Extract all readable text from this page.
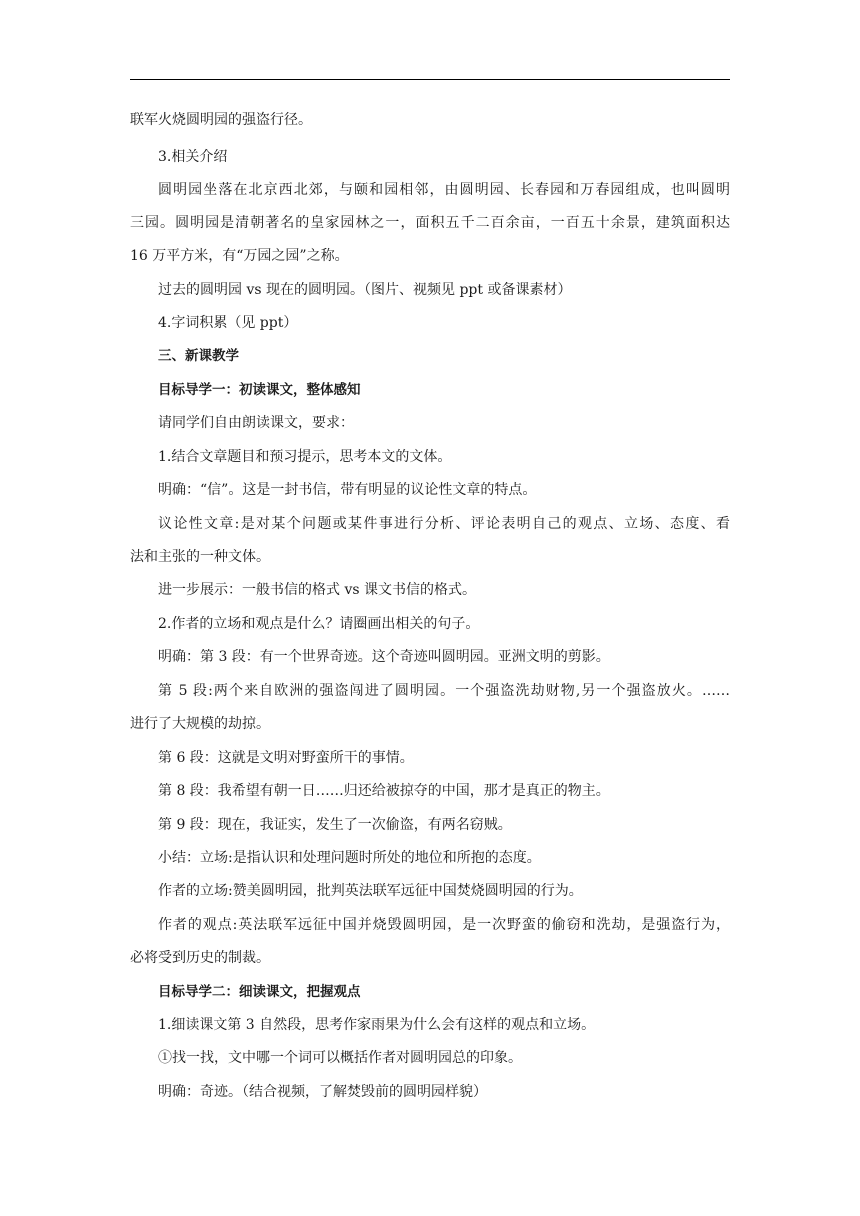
联军火烧圆明园的强盗行径。
3.相关介绍
圆明园坐落在北京西北郊，与颐和园相邻，由圆明园、长春园和万春园组成，也叫圆明
三园。圆明园是清朝著名的皇家园林之一，面积五千二百余亩，一百五十余景，建筑面积达
16 万平方米，有“万园之园”之称。
过去的圆明园 vs 现在的圆明园。（图片、视频见 ppt 或备课素材）
4.字词积累（见 ppt）
三、新课教学
目标导学一：初读课文，整体感知
请同学们自由朗读课文，要求：
1.结合文章题目和预习提示，思考本文的文体。
明确：“信”。这是一封书信，带有明显的议论性文章的特点。
议论性文章:是对某个问题或某件事进行分析、评论表明自己的观点、立场、态度、看
法和主张的一种文体。
进一步展示：一般书信的格式 vs 课文书信的格式。
2.作者的立场和观点是什么？请圈画出相关的句子。
明确：第 3 段：有一个世界奇迹。这个奇迹叫圆明园。亚洲文明的剪影。
第 5 段:两个来自欧洲的强盗闯进了圆明园。一个强盗洗劫财物,另一个强盗放火。……
进行了大规模的劫掠。
第 6 段：这就是文明对野蛮所干的事情。
第 8 段：我希望有朝一日……归还给被掠夺的中国，那才是真正的物主。
第 9 段：现在，我证实，发生了一次偷盗，有两名窃贼。
小结：立场:是指认识和处理问题时所处的地位和所抱的态度。
作者的立场:赞美圆明园，批判英法联军远征中国焚烧圆明园的行为。
作者的观点:英法联军远征中国并烧毁圆明园，是一次野蛮的偷窃和洗劫，是强盗行为，
必将受到历史的制裁。
目标导学二：细读课文，把握观点
1.细读课文第 3 自然段，思考作家雨果为什么会有这样的观点和立场。
①找一找，文中哪一个词可以概括作者对圆明园总的印象。
明确：奇迹。（结合视频，了解焚毁前的圆明园样貌）
